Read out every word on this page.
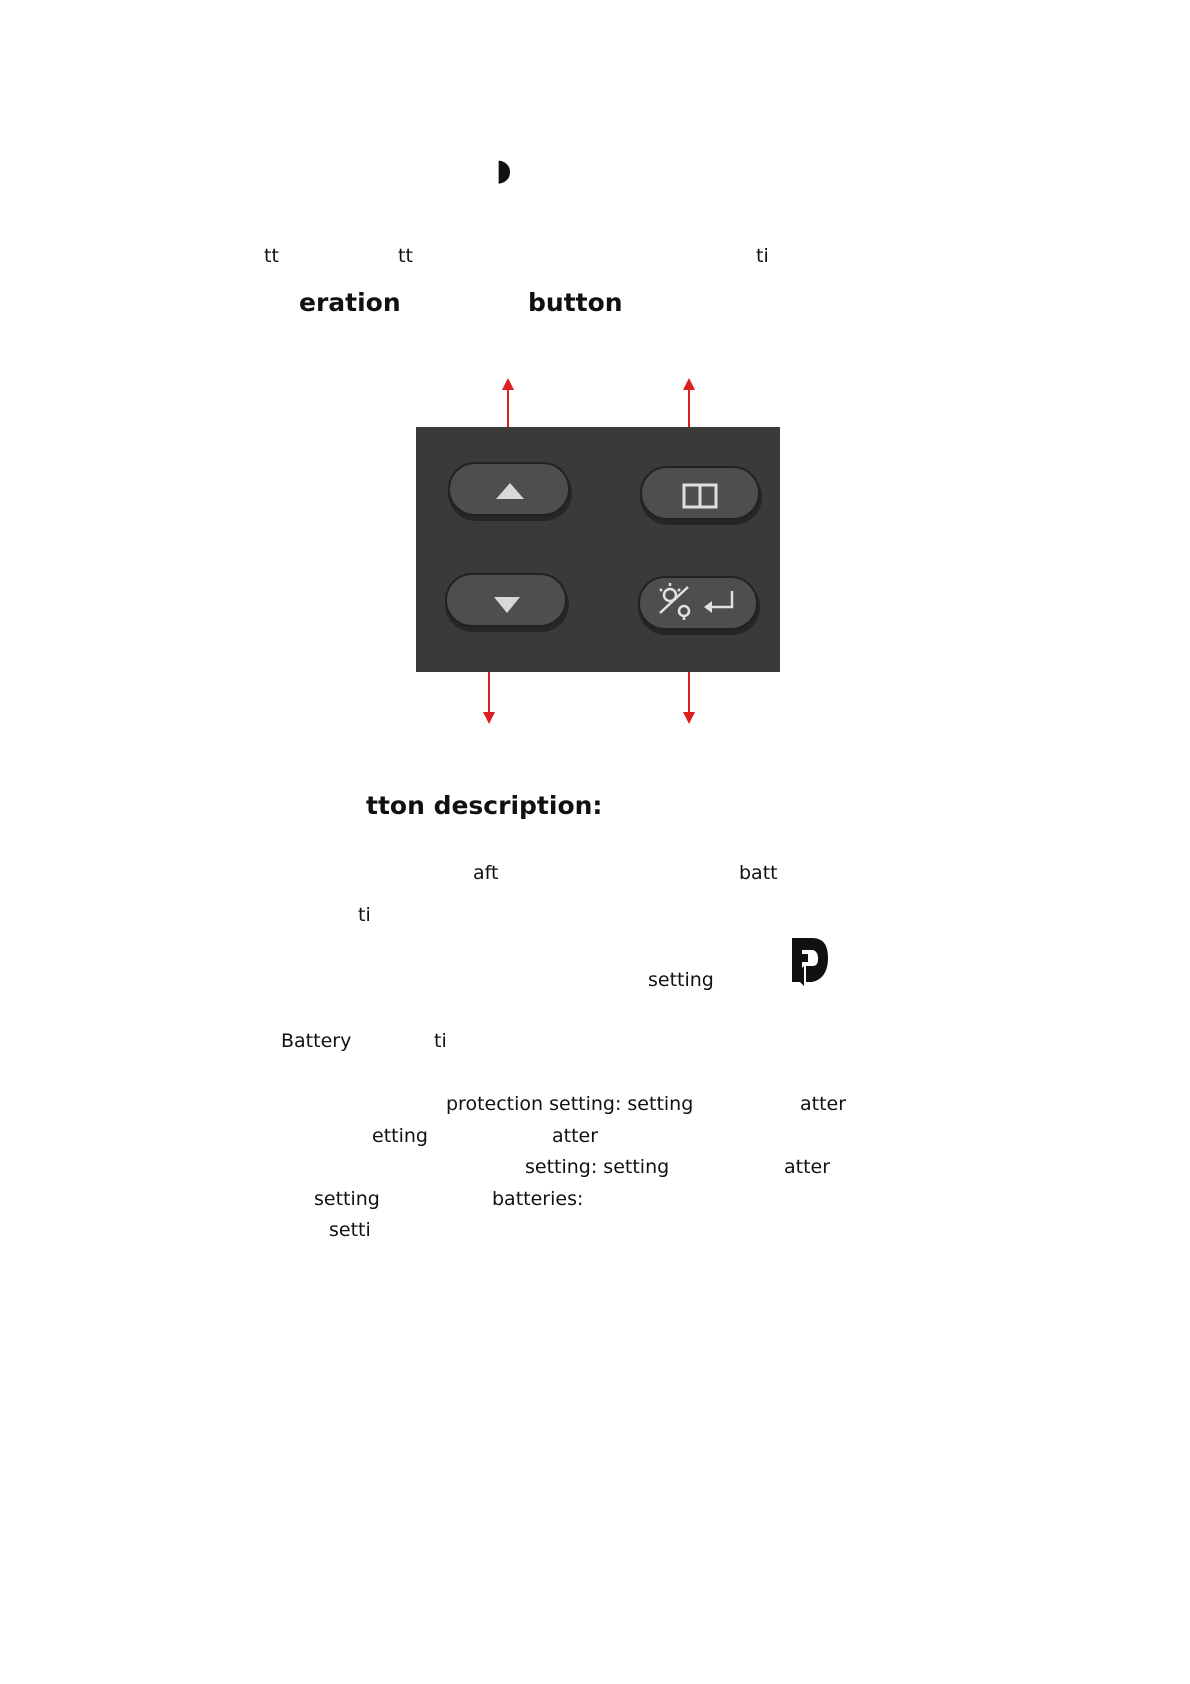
◗
tt	tt	ti
eration	button
tton description:
aft	batt
ti
setting
Battery	ti
protection setting: setting	atter
etting	atter
setting: setting	atter
setting	batteries:
setti
